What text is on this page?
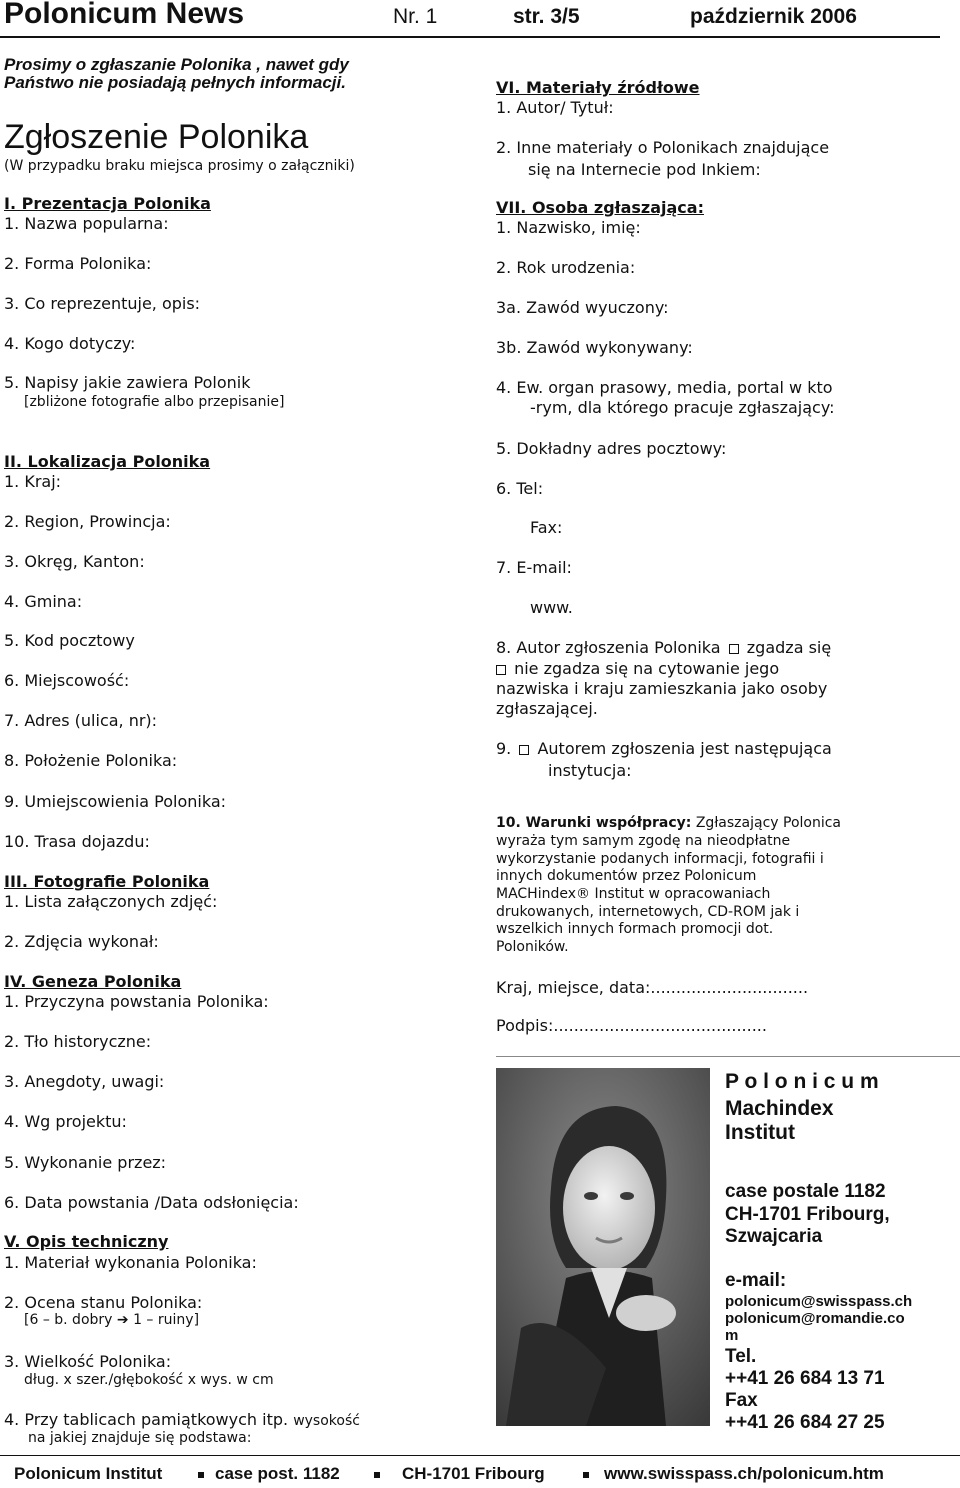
Polonicum News	Nr. 1	str. 3/5	październik 2006
Prosimy o zgłaszanie Polonika , nawet gdy Państwo nie posiadają pełnych informacji.
Zgłoszenie Polonika
(W przypadku braku miejsca prosimy o załączniki)
I. Prezentacja Polonika
1. Nazwa popularna:
2. Forma Polonika:
3. Co reprezentuje, opis:
4. Kogo dotyczy:
5. Napisy jakie zawiera Polonik
[zbliżone fotografie albo przepisanie]
II. Lokalizacja Polonika
1. Kraj:
2. Region, Prowincja:
3. Okręg, Kanton:
4. Gmina:
5. Kod pocztowy
6. Miejscowość:
7. Adres (ulica, nr):
8. Położenie Polonika:
9. Umiejscowienia Polonika:
10. Trasa dojazdu:
III. Fotografie Polonika
1. Lista załączonych zdjęć:
2. Zdjęcia wykonał:
IV. Geneza Polonika
1. Przyczyna powstania Polonika:
2. Tło historyczne:
3. Anegdoty, uwagi:
4. Wg projektu:
5. Wykonanie przez:
6. Data powstania /Data odsłonięcia:
V. Opis techniczny
1. Materiał wykonania Polonika:
2. Ocena stanu Polonika:
[6 – b. dobry ➔ 1 – ruiny]
3. Wielkość Polonika:
dług. x szer./głębokość x wys. w cm
4. Przy tablicach pamiątkowych itp. wysokość
na jakiej znajduje się podstawa:
VI. Materiały źródłowe
1. Autor/ Tytuł:
2. Inne materiały o Polonikach znajdujące
się na Internecie pod Inkiem:
VII. Osoba zgłaszająca:
1. Nazwisko, imię:
2. Rok urodzenia:
3a. Zawód wyuczony:
3b. Zawód wykonywany:
4. Ew. organ prasowy, media, portal w kto
-rym, dla którego pracuje zgłaszający:
5. Dokładny adres pocztowy:
6. Tel:
Fax:
7. E-mail:
www.
8. Autor zgłoszenia Polonika zgadza się
nie zgadza się na cytowanie jego
nazwiska i kraju zamieszkania jako osoby
zgłaszającej.
9. Autorem zgłoszenia jest następująca
instytucja:
10. Warunki współpracy: Zgłaszający Polonica
wyraża tym samym zgodę na nieodpłatne
wykorzystanie podanych informacji, fotografii i
innych dokumentów przez Polonicum
MACHindex® Institut w opracowaniach
drukowanych, internetowych, CD-ROM jak i
wszelkich innych formach promocji dot.
Poloników.
Kraj, miejsce, data:...............................
Podpis:..........................................
P o l o n i c u m
Machindex
Institut
case postale 1182
CH-1701 Fribourg,
Szwajcaria
e-mail:
polonicum@swisspass.ch
polonicum@romandie.co
m
Tel.
++41 26 684 13 71
Fax
++41 26 684 27 25
Polonicum Institut	case post. 1182	CH-1701 Fribourg	www.swisspass.ch/polonicum.htm
